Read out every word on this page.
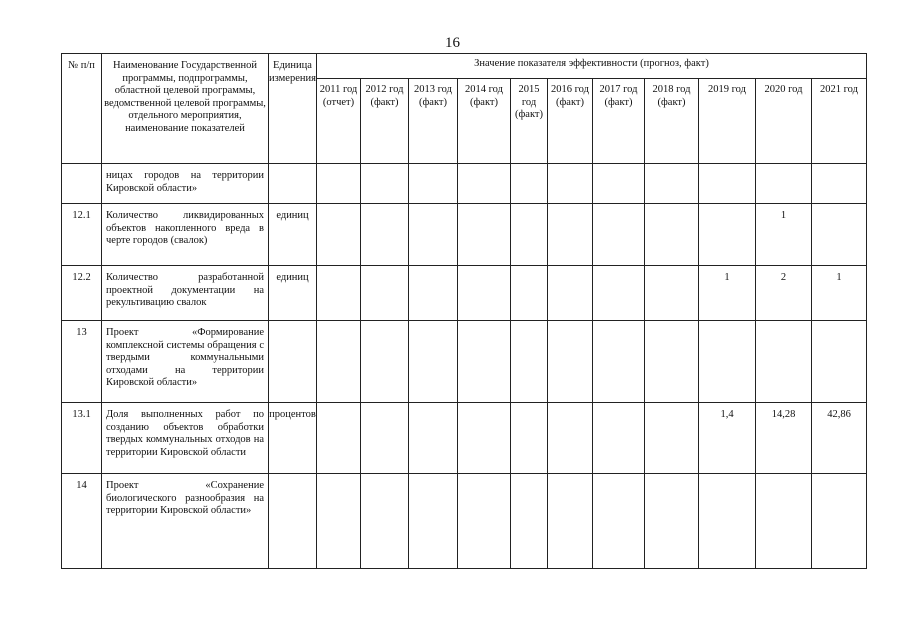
16
№ п/п	Наименование Государственной программы, подпрограммы, областной целевой программы, ведомственной целевой программы, отдельного мероприятия, наименование показателей	Единица измерения	Значение показателя эффективности (прогноз, факт)										
			2011 год (отчет)	2012 год (факт)	2013 год (факт)	2014 год (факт)	2015 год (факт)	2016 год (факт)	2017 год (факт)	2018 год (факт)	2019 год	2020 год	2021 год
	ницах городов на территории Кировской области»												
12.1	Количество ликвидированных объектов накопленного вреда в черте городов (свалок)	единиц										1	
12.2	Количество разработанной проектной документации на рекультивацию свалок	единиц									1	2	1
13	Проект «Формирование комплексной системы обращения с твердыми коммунальными отходами на территории Кировской области»												
13.1	Доля выполненных работ по созданию объектов обработки твердых коммунальных отходов на территории Кировской области	процентов									1,4	14,28	42,86
14	Проект «Сохранение биологического разнообразия на территории Кировской области»												
